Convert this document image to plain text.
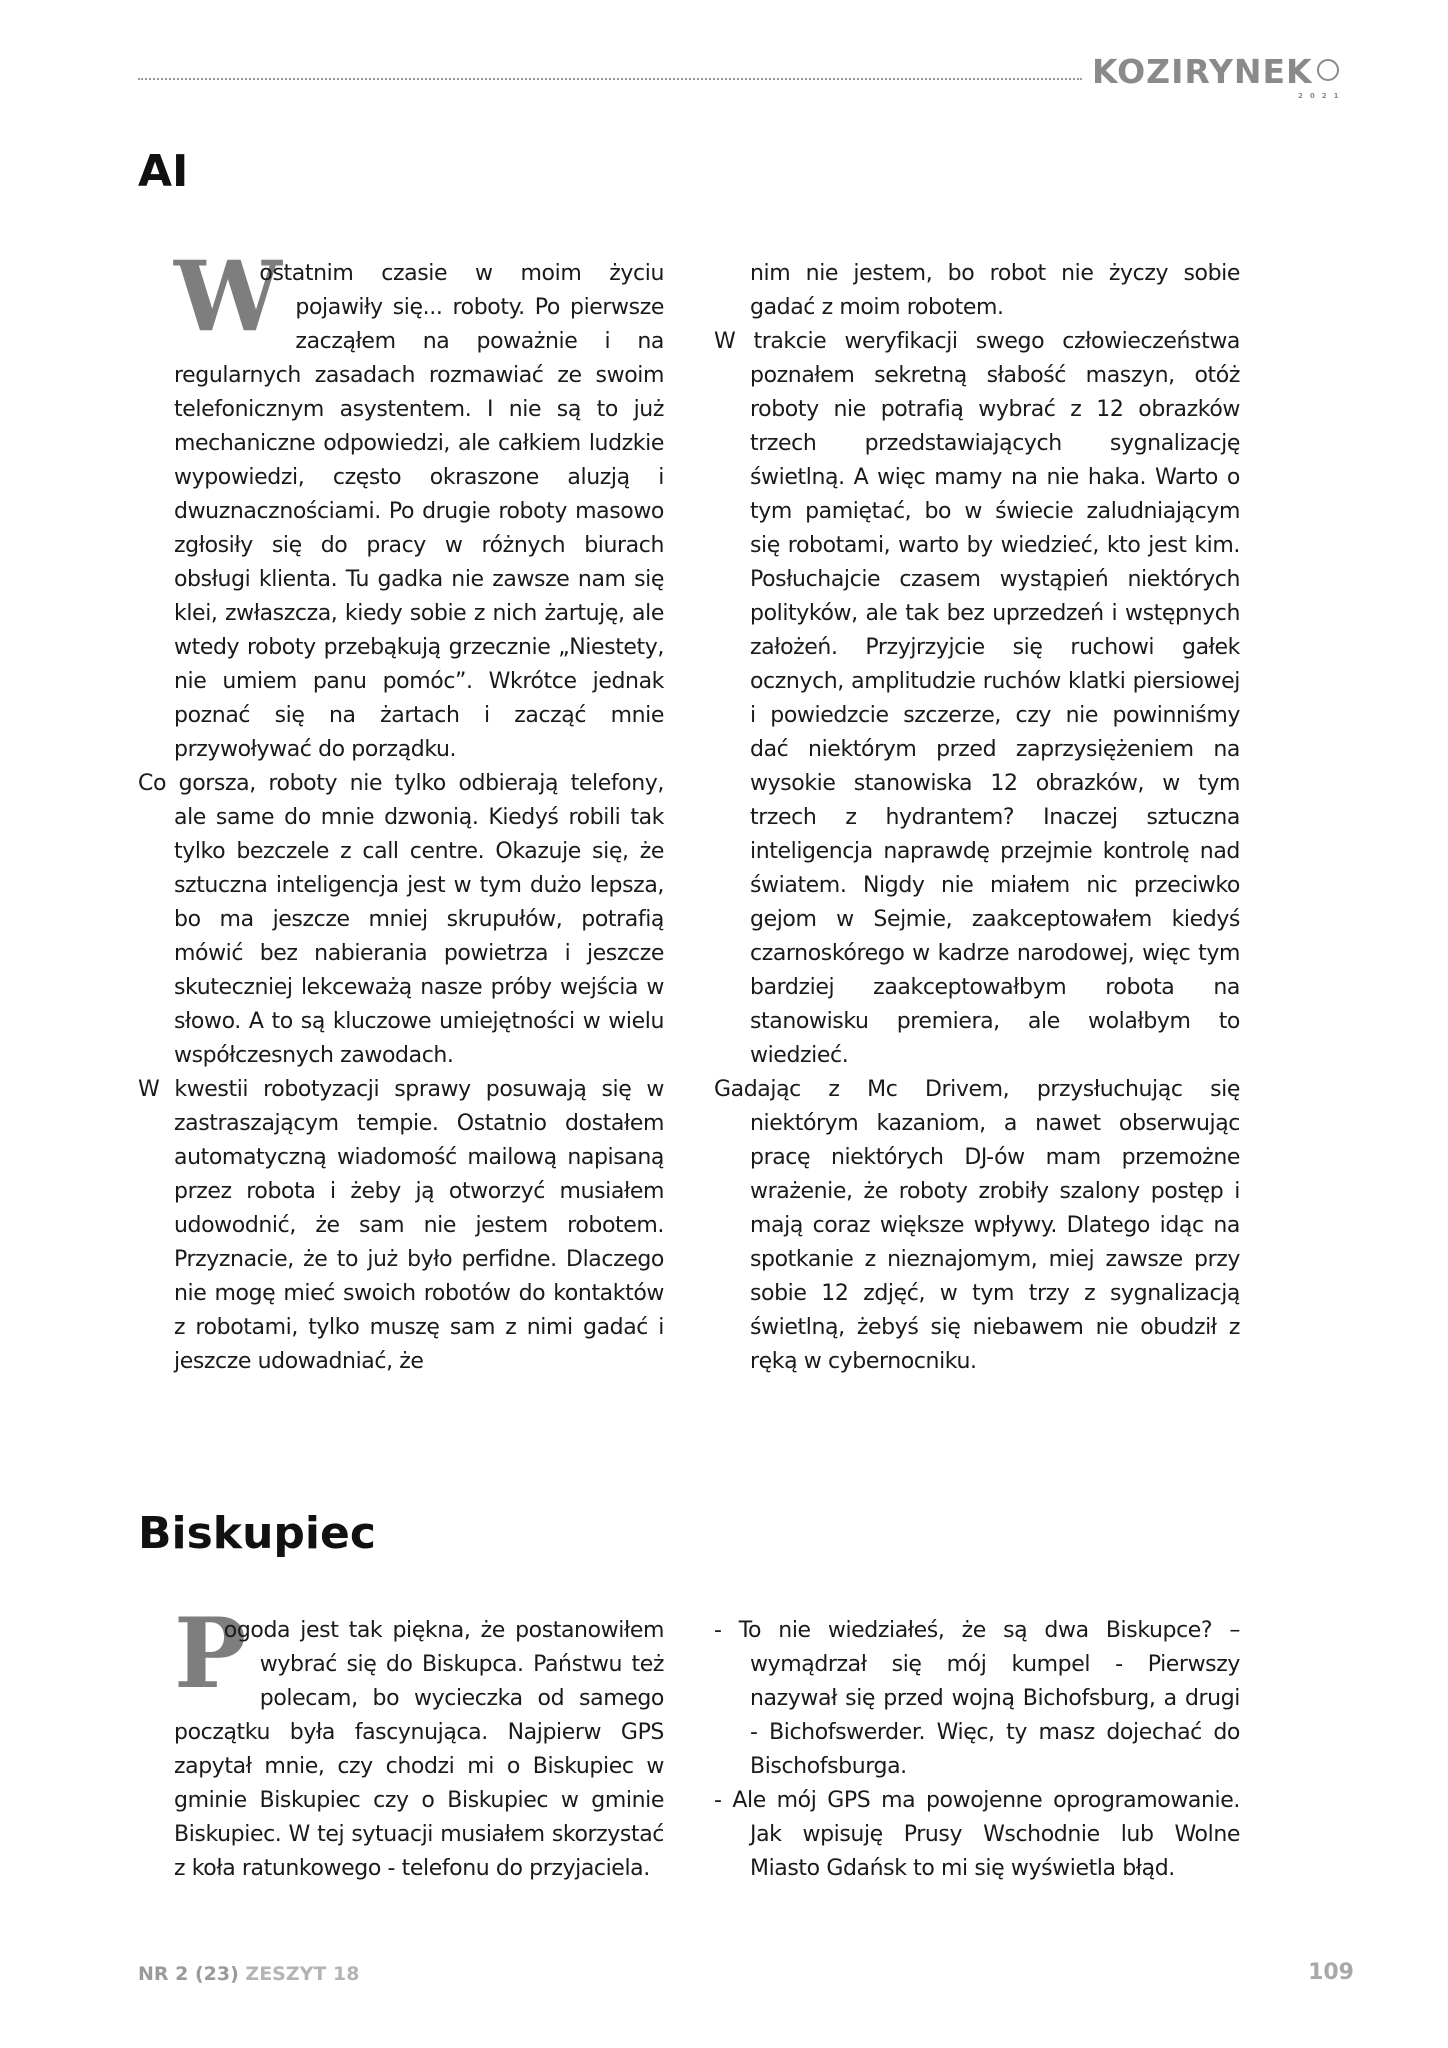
KOZIRYNEK
2021
AI

W
ostatnim czasie w moim życiu pojawiły się... roboty. Po pierwsze zacząłem na poważnie i na regularnych zasadach rozmawiać ze swoim telefonicznym asystentem. I nie są to już mechaniczne odpowiedzi, ale całkiem ludzkie wypowiedzi, często okraszone aluzją i dwuznacznościami. Po drugie roboty masowo zgłosiły się do pracy w różnych biurach obsługi klienta. Tu gadka nie zawsze nam się klei, zwłaszcza, kiedy sobie z nich żartuję, ale wtedy roboty przebąkują grzecznie „Niestety, nie umiem panu pomóc”. Wkrótce jednak poznać się na żartach i zacząć mnie przywoływać do porządku.

Co gorsza, roboty nie tylko odbierają telefony, ale same do mnie dzwonią. Kiedyś robili tak tylko bezczele z call centre. Okazuje się, że sztuczna inteligencja jest w tym dużo lepsza, bo ma jeszcze mniej skrupułów, potrafią mówić bez nabierania powietrza i jeszcze skuteczniej lekceważą nasze próby wejścia w słowo. A to są kluczowe umiejętności w wielu współczesnych zawodach.

W kwestii robotyzacji sprawy posuwają się w zastraszającym tempie. Ostatnio dostałem automatyczną wiadomość mailową napisaną przez robota i żeby ją otworzyć musiałem udowodnić, że sam nie jestem robotem. Przyznacie, że to już było perfidne. Dlaczego nie mogę mieć swoich robotów do kontaktów z robotami, tylko muszę sam z nimi gadać i jeszcze udowadniać, że

nim nie jestem, bo robot nie życzy sobie gadać z moim robotem.

W trakcie weryfikacji swego człowieczeństwa poznałem sekretną słabość maszyn, otóż roboty nie potrafią wybrać z 12 obrazków trzech przedstawiających sygnalizację świetlną. A więc mamy na nie haka. Warto o tym pamiętać, bo w świecie zaludniającym się robotami, warto by wiedzieć, kto jest kim. Posłuchajcie czasem wystąpień niektórych polityków, ale tak bez uprzedzeń i wstępnych założeń. Przyjrzyjcie się ruchowi gałek ocznych, amplitudzie ruchów klatki piersiowej i powiedzcie szczerze, czy nie powinniśmy dać niektórym przed zaprzysiężeniem na wysokie stanowiska 12 obrazków, w tym trzech z hydrantem? Inaczej sztuczna inteligencja naprawdę przejmie kontrolę nad światem. Nigdy nie miałem nic przeciwko gejom w Sejmie, zaakceptowałem kiedyś czarnoskórego w kadrze narodowej, więc tym bardziej zaakceptowałbym robota na stanowisku premiera, ale wolałbym to wiedzieć.

Gadając z Mc Drivem, przysłuchując się niektórym kazaniom, a nawet obserwując pracę niektórych DJ-ów mam przemożne wrażenie, że roboty zrobiły szalony postęp i mają coraz większe wpływy. Dlatego idąc na spotkanie z nieznajomym, miej zawsze przy sobie 12 zdjęć, w tym trzy z sygnalizacją świetlną, żebyś się niebawem nie obudził z ręką w cybernocniku.

Biskupiec

P
ogoda jest tak piękna, że postanowiłem wybrać się do Biskupca. Państwu też polecam, bo wycieczka od samego początku była fascynująca. Najpierw GPS zapytał mnie, czy chodzi mi o Biskupiec w gminie Biskupiec czy o Biskupiec w gminie Biskupiec. W tej sytuacji musiałem skorzystać z koła ratunkowego - telefonu do przyjaciela.

- To nie wiedziałeś, że są dwa Biskupce? – wymądrzał się mój kumpel - Pierwszy nazywał się przed wojną Bichofsburg, a drugi - Bichofswerder. Więc, ty masz dojechać do Bischofsburga.

- Ale mój GPS ma powojenne oprogramowanie. Jak wpisuję Prusy Wschodnie lub Wolne Miasto Gdańsk to mi się wyświetla błąd.

NR 2 (23) ZESZYT 18	109
